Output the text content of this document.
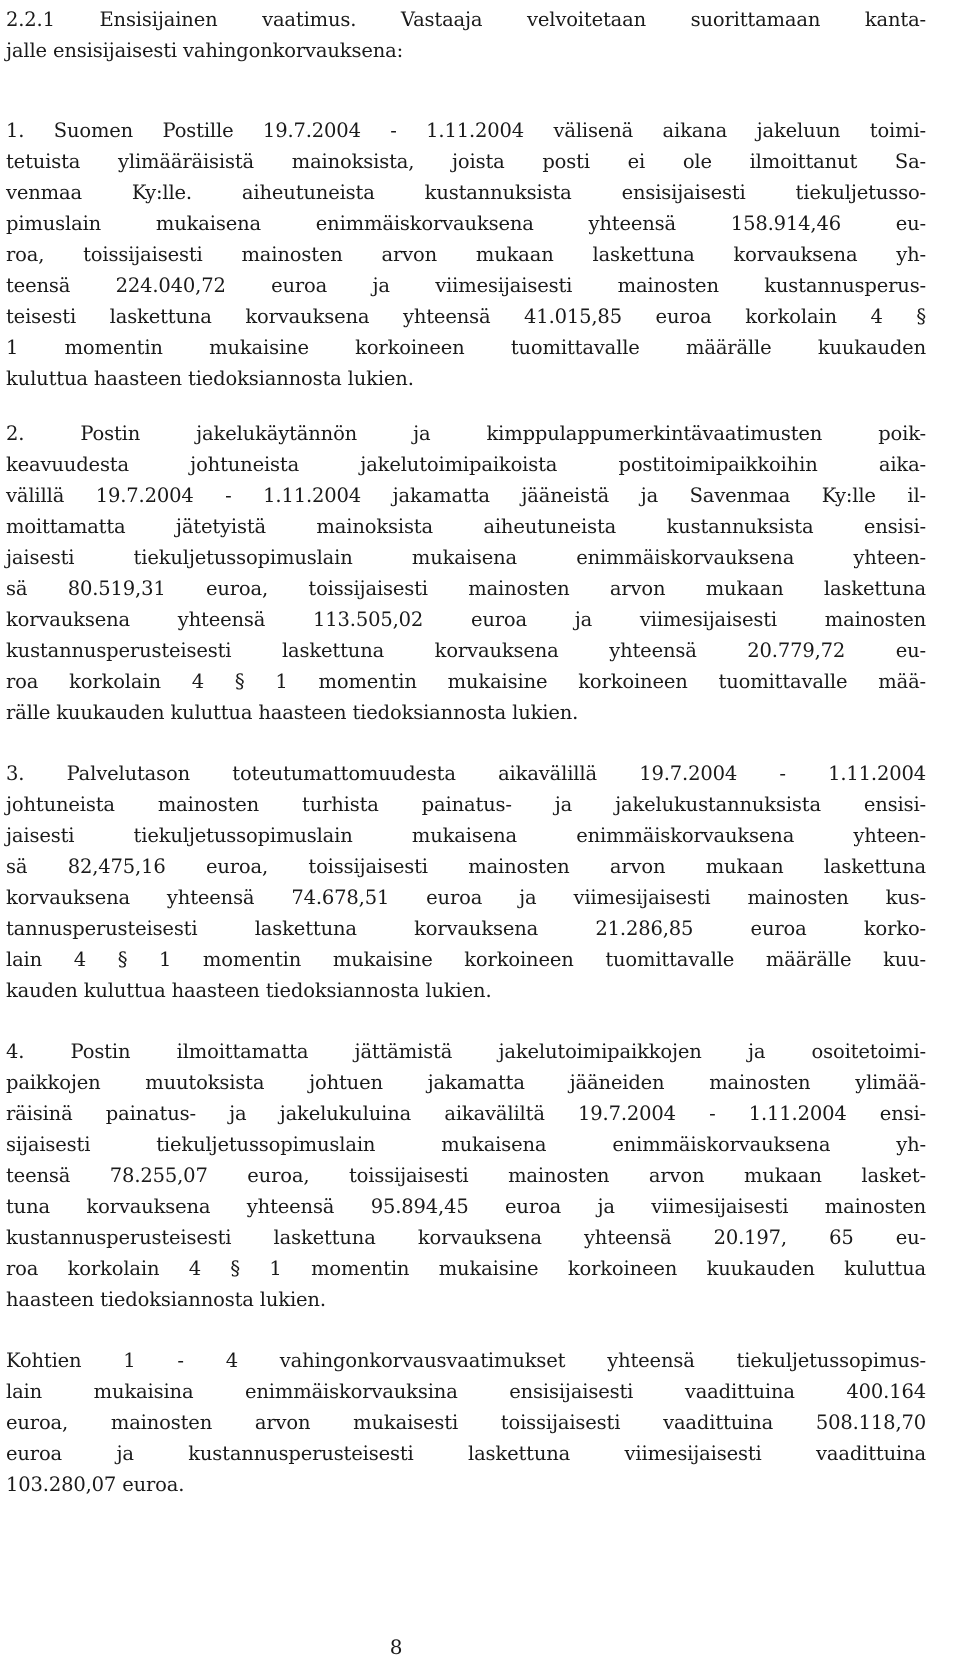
2.2.1 Ensisijainen vaatimus. Vastaaja velvoitetaan suorittamaan kanta-
jalle ensisijaisesti vahingonkorvauksena:
1. Suomen Postille 19.7.2004 - 1.11.2004 välisenä aikana jakeluun toimi-
tetuista ylimääräisistä mainoksista, joista posti ei ole ilmoittanut Sa-
venmaa Ky:lle. aiheutuneista kustannuksista ensisijaisesti tiekuljetusso-
pimuslain mukaisena enimmäiskorvauksena yhteensä 158.914,46 eu-
roa, toissijaisesti mainosten arvon mukaan laskettuna korvauksena yh-
teensä 224.040,72 euroa ja viimesijaisesti mainosten kustannusperus-
teisesti laskettuna korvauksena yhteensä 41.015,85 euroa korkolain 4 §
1 momentin mukaisine korkoineen tuomittavalle määrälle kuukauden
kuluttua haasteen tiedoksiannosta lukien.
2. Postin jakelukäytännön ja kimppulappumerkintävaatimusten poik-
keavuudesta johtuneista jakelutoimipaikoista postitoimipaikkoihin aika-
välillä 19.7.2004 - 1.11.2004 jakamatta jääneistä ja Savenmaa Ky:lle il-
moittamatta jätetyistä mainoksista aiheutuneista kustannuksista ensisi-
jaisesti tiekuljetussopimuslain mukaisena enimmäiskorvauksena yhteen-
sä 80.519,31 euroa, toissijaisesti mainosten arvon mukaan laskettuna
korvauksena yhteensä 113.505,02 euroa ja viimesijaisesti mainosten
kustannusperusteisesti laskettuna korvauksena yhteensä 20.779,72 eu-
roa korkolain 4 § 1 momentin mukaisine korkoineen tuomittavalle mää-
rälle kuukauden kuluttua haasteen tiedoksiannosta lukien.
3. Palvelutason toteutumattomuudesta aikavälillä 19.7.2004 - 1.11.2004
johtuneista mainosten turhista painatus- ja jakelukustannuksista ensisi-
jaisesti tiekuljetussopimuslain mukaisena enimmäiskorvauksena yhteen-
sä 82,475,16 euroa, toissijaisesti mainosten arvon mukaan laskettuna
korvauksena yhteensä 74.678,51 euroa ja viimesijaisesti mainosten kus-
tannusperusteisesti laskettuna korvauksena 21.286,85 euroa korko-
lain 4 § 1 momentin mukaisine korkoineen tuomittavalle määrälle kuu-
kauden kuluttua haasteen tiedoksiannosta lukien.
4. Postin ilmoittamatta jättämistä jakelutoimipaikkojen ja osoitetoimi-
paikkojen muutoksista johtuen jakamatta jääneiden mainosten ylimää-
räisinä painatus- ja jakelukuluina aikaväliltä 19.7.2004 - 1.11.2004 ensi-
sijaisesti tiekuljetussopimuslain mukaisena enimmäiskorvauksena yh-
teensä 78.255,07 euroa, toissijaisesti mainosten arvon mukaan lasket-
tuna korvauksena yhteensä 95.894,45 euroa ja viimesijaisesti mainosten
kustannusperusteisesti laskettuna korvauksena yhteensä 20.197, 65 eu-
roa korkolain 4 § 1 momentin mukaisine korkoineen kuukauden kuluttua
haasteen tiedoksiannosta lukien.
Kohtien 1 - 4 vahingonkorvausvaatimukset yhteensä tiekuljetussopimus-
lain mukaisina enimmäiskorvauksina ensisijaisesti vaadittuina 400.164
euroa, mainosten arvon mukaisesti toissijaisesti vaadittuina 508.118,70
euroa ja kustannusperusteisesti laskettuna viimesijaisesti vaadittuina
103.280,07 euroa.
8
